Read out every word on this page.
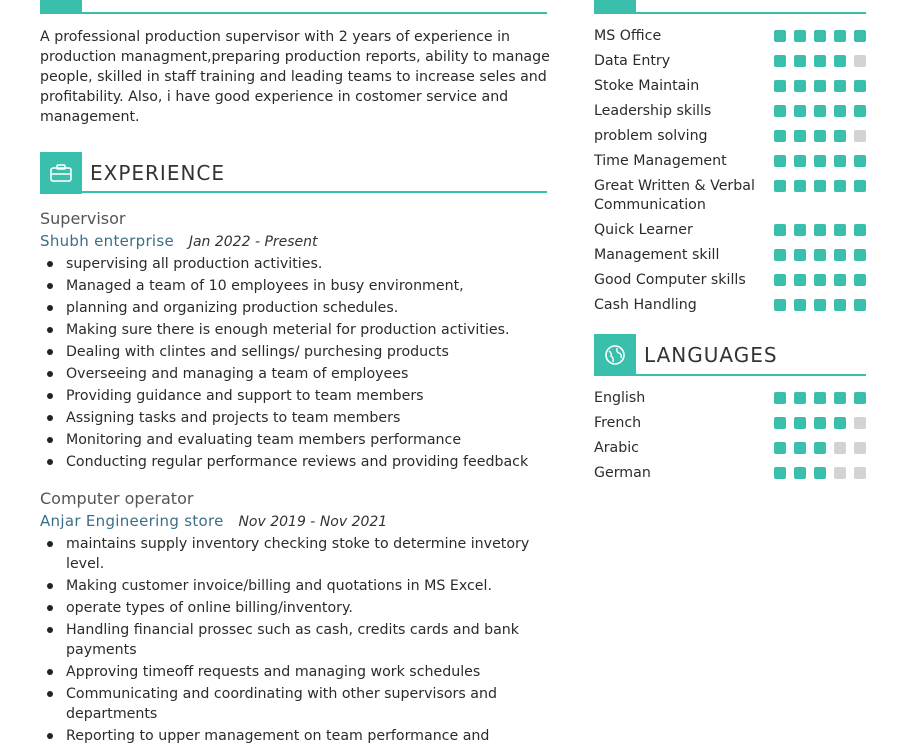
A professional production supervisor with 2 years of experience in production managment,preparing production reports, ability to manage people, skilled in staff training and leading teams to increase seles and profitability. Also, i have good experience in costomer service and management.
EXPERIENCE
Supervisor
Shubh enterprise Jan 2022 - Present
supervising all production activities.
Managed a team of 10 employees in busy environment,
planning and organizing production schedules.
Making sure there is enough meterial for production activities.
Dealing with clintes and sellings/ purchesing products
Overseeing and managing a team of employees
Providing guidance and support to team members
Assigning tasks and projects to team members
Monitoring and evaluating team members performance
Conducting regular performance reviews and providing feedback
Computer operator
Anjar Engineering store Nov 2019 - Nov 2021
maintains supply inventory checking stoke to determine invetory level.
Making customer invoice/billing and quotations in MS Excel.
operate types of online billing/inventory.
Handling financial prossec such as cash, credits cards and bank payments
Approving timeoff requests and managing work schedules
Communicating and coordinating with other supervisors and departments
Reporting to upper management on team performance and
MS Office
Data Entry
Stoke Maintain
Leadership skills
problem solving
Time Management
Great Written & Verbal Communication
Quick Learner
Management skill
Good Computer skills
Cash Handling
LANGUAGES
English
French
Arabic
German
